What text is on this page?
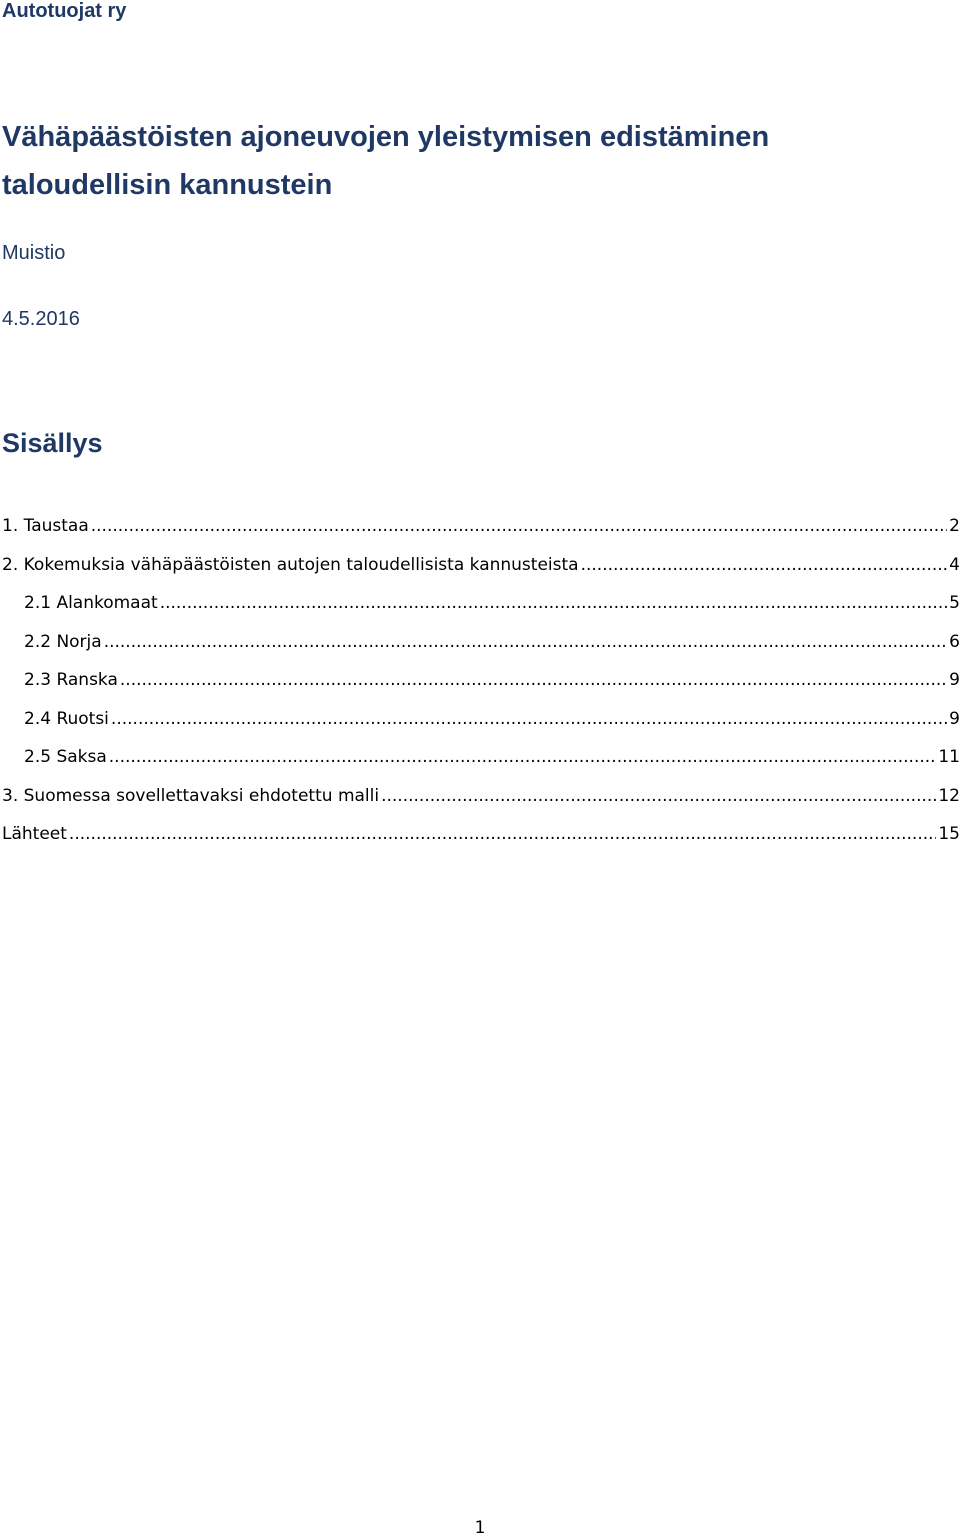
Autotuojat ry
Vähäpäästöisten ajoneuvojen yleistymisen edistäminen
taloudellisin kannustein
Muistio
4.5.2016
Sisällys
1. Taustaa .....	2
2. Kokemuksia vähäpäästöisten autojen taloudellisista kannusteista .....	4
2.1 Alankomaat .....	5
2.2 Norja .....	6
2.3 Ranska .....	9
2.4 Ruotsi .....	9
2.5 Saksa .....	11
3. Suomessa sovellettavaksi ehdotettu malli .....	12
Lähteet .....	15
1
